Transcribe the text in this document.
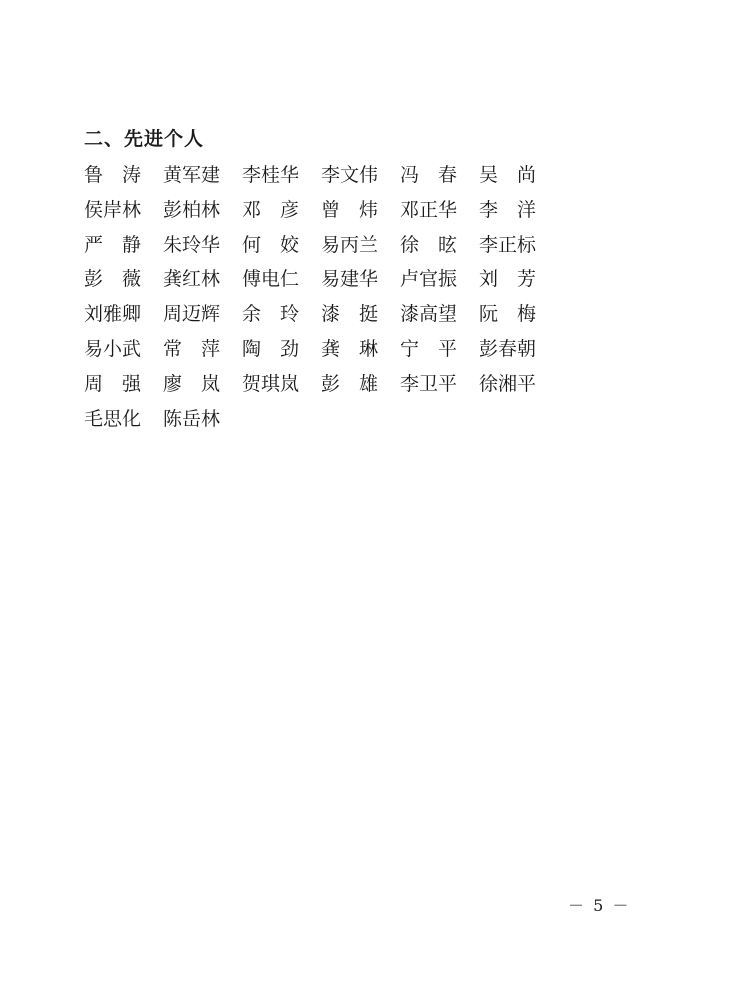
二、先进个人
鲁 涛 黄 军 建 李 桂 华 李 文 伟 冯 春 吴 尚
侯 岸 林 彭 柏 林 邓 彦 曾 炜 邓 正 华 李 洋
严 静 朱 玲 华 何 姣 易 丙 兰 徐 昡 李 正 标
彭 薇 龚 红 林 傅 电 仁 易 建 华 卢 官 振 刘 芳
刘 雅 卿 周 迈 辉 余 玲 漆 挺 漆 高 望 阮 梅
易 小 武 常 萍 陶 劲 龚 琳 宁 平 彭 春 朝
周 强 廖 岚 贺 琪 岚 彭 雄 李 卫 平 徐 湘 平
毛 思 化 陈 岳 林
－ 5 －
